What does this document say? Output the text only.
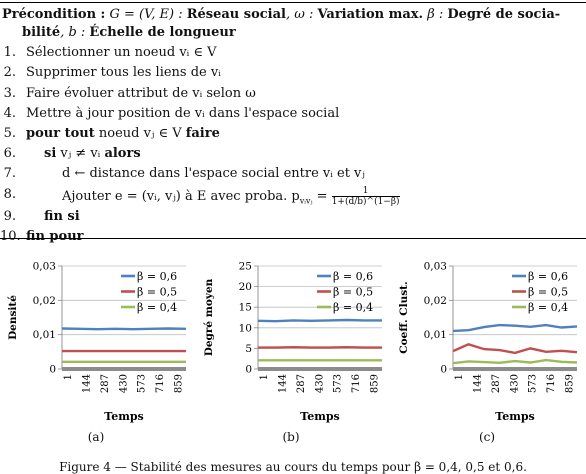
Précondition : G = (V, E) : Réseau social, ω : Variation max. β : Degré de socia-
bilité, b : Échelle de longueur
1. Sélectionner un noeud vᵢ ∈ V
2. Supprimer tous les liens de vᵢ
3. Faire évoluer attribut de vᵢ selon ω
4. Mettre à jour position de vᵢ dans l'espace social
5. pour tout noeud vⱼ ∈ V faire
6. si vⱼ ≠ vᵢ alors
7.	d ← distance dans l'espace social entre vᵢ et vⱼ
8.	Ajouter e = (vᵢ, vⱼ) à E avec proba. $p_{vᵢvⱼ} = \frac{1}{1+(d/b)\^{}(1-\beta)}$
9. fin si
10. fin pour
0
0,01
0,02
0,03
1 144 287 430 573 716 859
β = 0,6
β = 0,5
β = 0,4
Densité
Temps
0
5
10
15
20
25
1 144 287 430 573 716 859
β = 0,6
β = 0,5
β = 0,4
Degré moyen
Temps
0
0,01
0,02
0,03
1 144 287 430 573 716 859
β = 0,6
β = 0,5
β = 0,4
Coeff. Clust.
Temps
(a)	(b)	(c)
Figure 4 — Stabilité des mesures au cours du temps pour β = 0,4, 0,5 et 0,6.
